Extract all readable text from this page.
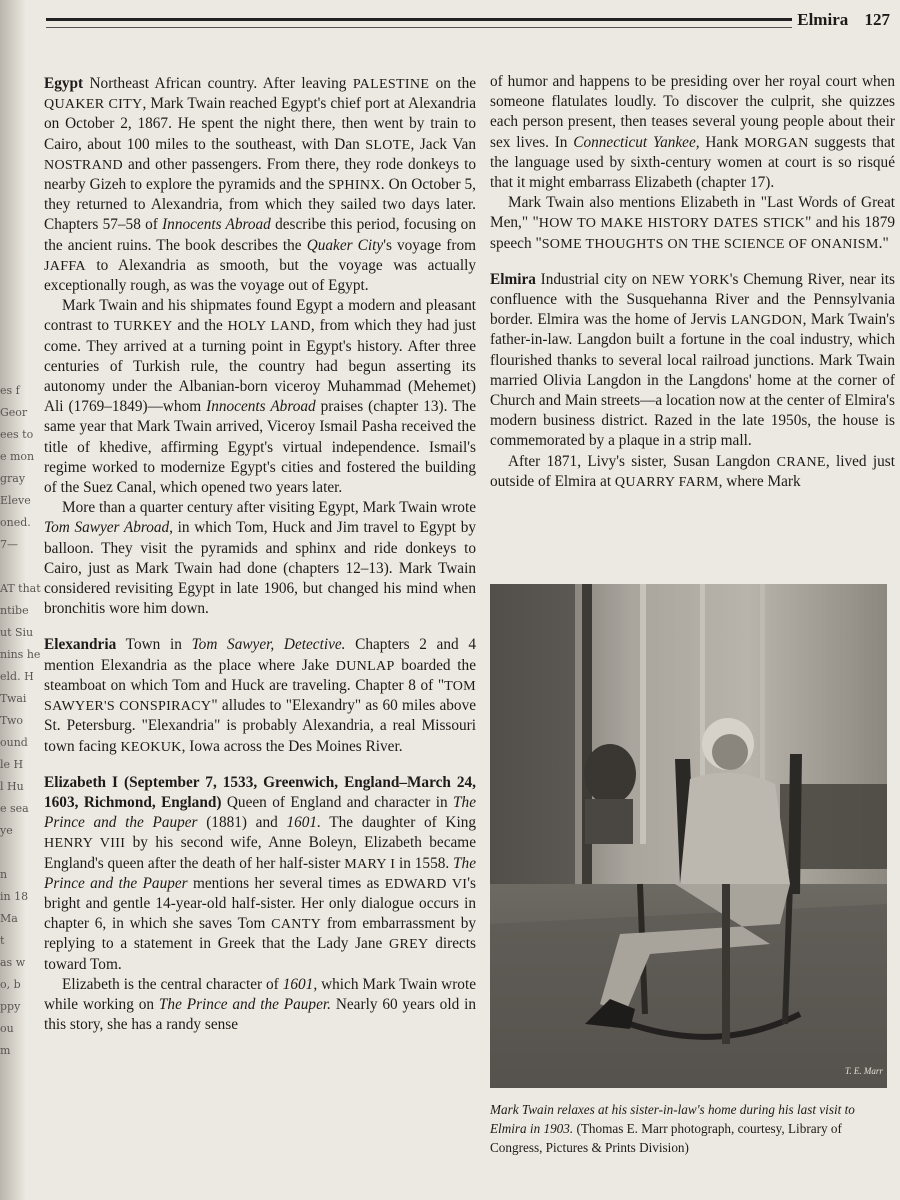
es f
Geor
ees to
e mon
gray
Eleve
oned.
7—

AT that
ntibe
ut Siu
nins he
eld. H
Twai
Two
ound
le H
l Hu
e sea
ye

n
in 18
Ma
t
as w
o, b
ppy
ou
m
Elmira 127

Egypt Northeast African country. After leaving PALESTINE on the QUAKER CITY, Mark Twain reached Egypt's chief port at Alexandria on October 2, 1867. He spent the night there, then went by train to Cairo, about 100 miles to the southeast, with Dan SLOTE, Jack Van NOSTRAND and other passengers. From there, they rode donkeys to nearby Gizeh to explore the pyramids and the SPHINX. On October 5, they returned to Alexandria, from which they sailed two days later. Chapters 57–58 of Innocents Abroad describe this period, focusing on the ancient ruins. The book describes the Quaker City's voyage from JAFFA to Alexandria as smooth, but the voyage was actually exceptionally rough, as was the voyage out of Egypt.

Mark Twain and his shipmates found Egypt a modern and pleasant contrast to TURKEY and the HOLY LAND, from which they had just come. They arrived at a turning point in Egypt's history. After three centuries of Turkish rule, the country had begun asserting its autonomy under the Albanian-born viceroy Muhammad (Mehemet) Ali (1769–1849)—whom Innocents Abroad praises (chapter 13). The same year that Mark Twain arrived, Viceroy Ismail Pasha received the title of khedive, affirming Egypt's virtual independence. Ismail's regime worked to modernize Egypt's cities and fostered the building of the Suez Canal, which opened two years later.

More than a quarter century after visiting Egypt, Mark Twain wrote Tom Sawyer Abroad, in which Tom, Huck and Jim travel to Egypt by balloon. They visit the pyramids and sphinx and ride donkeys to Cairo, just as Mark Twain had done (chapters 12–13). Mark Twain considered revisiting Egypt in late 1906, but changed his mind when bronchitis wore him down.

Elexandria Town in Tom Sawyer, Detective. Chapters 2 and 4 mention Elexandria as the place where Jake DUNLAP boarded the steamboat on which Tom and Huck are traveling. Chapter 8 of "TOM SAWYER'S CONSPIRACY" alludes to "Elexandry" as 60 miles above St. Petersburg. "Elexandria" is probably Alexandria, a real Missouri town facing KEOKUK, Iowa across the Des Moines River.

Elizabeth I (September 7, 1533, Greenwich, England–March 24, 1603, Richmond, England) Queen of England and character in The Prince and the Pauper (1881) and 1601. The daughter of King HENRY VIII by his second wife, Anne Boleyn, Elizabeth became England's queen after the death of her half-sister MARY I in 1558. The Prince and the Pauper mentions her several times as EDWARD VI's bright and gentle 14-year-old half-sister. Her only dialogue occurs in chapter 6, in which she saves Tom CANTY from embarrassment by replying to a statement in Greek that the Lady Jane GREY directs toward Tom.

Elizabeth is the central character of 1601, which Mark Twain wrote while working on The Prince and the Pauper. Nearly 60 years old in this story, she has a randy sense

of humor and happens to be presiding over her royal court when someone flatulates loudly. To discover the culprit, she quizzes each person present, then teases several young people about their sex lives. In Connecticut Yankee, Hank MORGAN suggests that the language used by sixth-century women at court is so risqué that it might embarrass Elizabeth (chapter 17).

Mark Twain also mentions Elizabeth in "Last Words of Great Men," "HOW TO MAKE HISTORY DATES STICK" and his 1879 speech "SOME THOUGHTS ON THE SCIENCE OF ONANISM."

Elmira Industrial city on NEW YORK's Chemung River, near its confluence with the Susquehanna River and the Pennsylvania border. Elmira was the home of Jervis LANGDON, Mark Twain's father-in-law. Langdon built a fortune in the coal industry, which flourished thanks to several local railroad junctions. Mark Twain married Olivia Langdon in the Langdons' home at the corner of Church and Main streets—a location now at the center of Elmira's modern business district. Razed in the late 1950s, the house is commemorated by a plaque in a strip mall.

After 1871, Livy's sister, Susan Langdon CRANE, lived just outside of Elmira at QUARRY FARM, where Mark

T. E. Marr
Mark Twain relaxes at his sister-in-law's home during his last visit to Elmira in 1903. (Thomas E. Marr photograph, courtesy, Library of Congress, Pictures & Prints Division)
